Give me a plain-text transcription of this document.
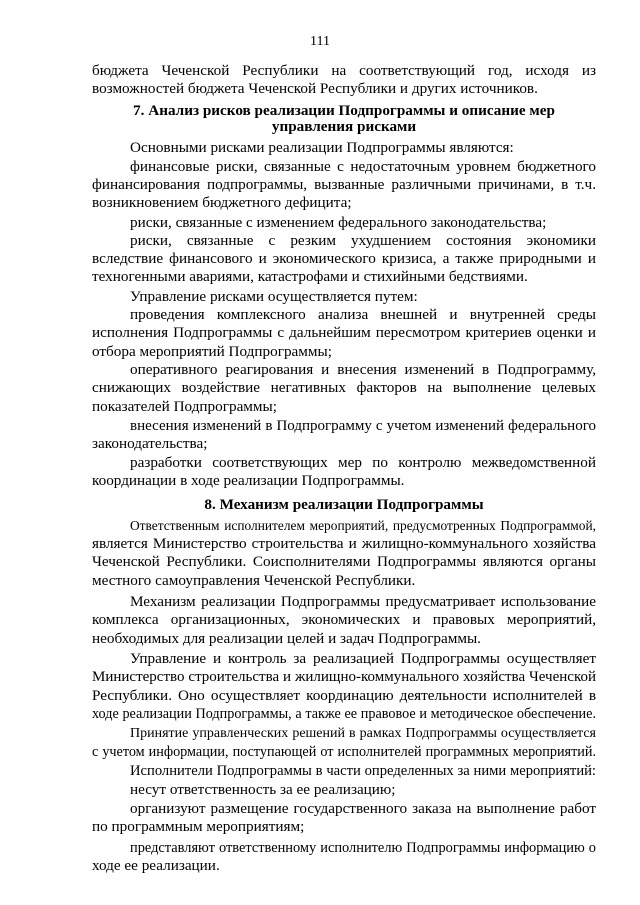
111
бюджета Чеченской Республики на соответствующий год, исходя из
возможностей бюджета Чеченской Республики и других источников.
7. Анализ рисков реализации Подпрограммы и описание мер
управления рисками
Основными рисками реализации Подпрограммы являются:
финансовые риски, связанные с недостаточным уровнем бюджетного
финансирования подпрограммы, вызванные различными причинами, в т.ч.
возникновением бюджетного дефицита;
риски, связанные с изменением федерального законодательства;
риски, связанные с резким ухудшением состояния экономики
вследствие финансового и экономического кризиса, а также природными и
техногенными авариями, катастрофами и стихийными бедствиями.
Управление рисками осуществляется путем:
проведения комплексного анализа внешней и внутренней среды
исполнения Подпрограммы с дальнейшим пересмотром критериев оценки и
отбора мероприятий Подпрограммы;
оперативного реагирования и внесения изменений в Подпрограмму,
снижающих воздействие негативных факторов на выполнение целевых
показателей Подпрограммы;
внесения изменений в Подпрограмму с учетом изменений федерального
законодательства;
разработки соответствующих мер по контролю межведомственной
координации в ходе реализации Подпрограммы.
8. Механизм реализации Подпрограммы
Ответственным исполнителем мероприятий, предусмотренных Подпрограммой,
является Министерство строительства и жилищно-коммунального хозяйства
Чеченской Республики. Соисполнителями Подпрограммы являются органы
местного самоуправления Чеченской Республики.
Механизм реализации Подпрограммы предусматривает использование
комплекса организационных, экономических и правовых мероприятий,
необходимых для реализации целей и задач Подпрограммы.
Управление и контроль за реализацией Подпрограммы осуществляет
Министерство строительства и жилищно-коммунального хозяйства Чеченской
Республики. Оно осуществляет координацию деятельности исполнителей в
ходе реализации Подпрограммы, а также ее правовое и методическое обеспечение.
Принятие управленческих решений в рамках Подпрограммы осуществляется
с учетом информации, поступающей от исполнителей программных мероприятий.
Исполнители Подпрограммы в части определенных за ними мероприятий:
несут ответственность за ее реализацию;
организуют размещение государственного заказа на выполнение работ
по программным мероприятиям;
представляют ответственному исполнителю Подпрограммы информацию о
ходе ее реализации.
